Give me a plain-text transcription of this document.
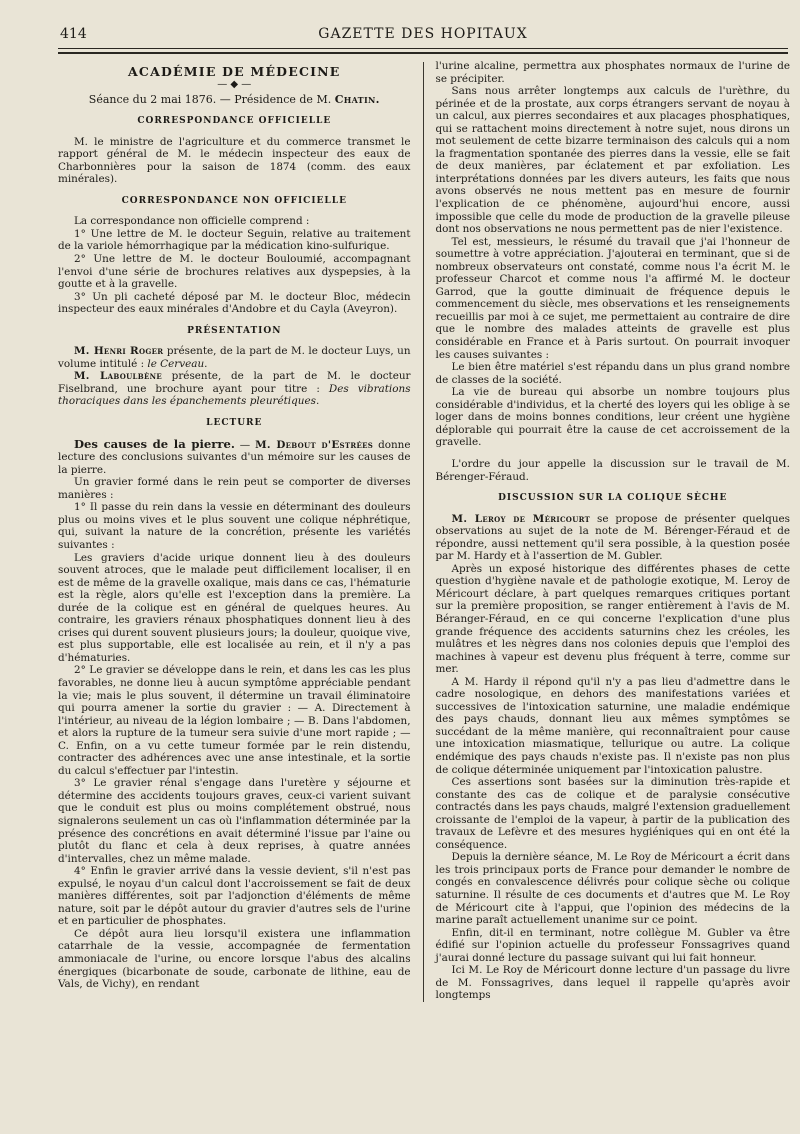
414	GAZETTE DES HOPITAUX
ACADÉMIE DE MÉDECINE
— ◆ —
Séance du 2 mai 1876. — Présidence de M. Chatin.
CORRESPONDANCE OFFICIELLE

M. le ministre de l'agriculture et du commerce transmet le rapport général de M. le médecin inspecteur des eaux de Charbonnières pour la saison de 1874 (comm. des eaux minérales).

CORRESPONDANCE NON OFFICIELLE

La correspondance non officielle comprend :

1° Une lettre de M. le docteur Seguin, relative au traitement de la variole hémorrhagique par la médication kino-sulfurique.

2° Une lettre de M. le docteur Bouloumié, accompagnant l'envoi d'une série de brochures relatives aux dyspepsies, à la goutte et à la gravelle.

3° Un pli cacheté déposé par M. le docteur Bloc, médecin inspecteur des eaux minérales d'Andobre et du Cayla (Aveyron).

PRÉSENTATION

M. Henri Roger présente, de la part de M. le docteur Luys, un volume intitulé : le Cerveau.

M. Laboulbène présente, de la part de M. le docteur Fiselbrand, une brochure ayant pour titre : Des vibrations thoraciques dans les épanchements pleurétiques.

LECTURE

Des causes de la pierre. — M. Debout d'Estrées donne lecture des conclusions suivantes d'un mémoire sur les causes de la pierre.

Un gravier formé dans le rein peut se comporter de diverses manières :

1° Il passe du rein dans la vessie en déterminant des douleurs plus ou moins vives et le plus souvent une colique néphrétique, qui, suivant la nature de la concrétion, présente les variétés suivantes :

Les graviers d'acide urique donnent lieu à des douleurs souvent atroces, que le malade peut difficilement localiser, il en est de même de la gravelle oxalique, mais dans ce cas, l'hématurie est la règle, alors qu'elle est l'exception dans la première. La durée de la colique est en général de quelques heures. Au contraire, les graviers rénaux phosphatiques donnent lieu à des crises qui durent souvent plusieurs jours; la douleur, quoique vive, est plus supportable, elle est localisée au rein, et il n'y a pas d'hématuries.

2° Le gravier se développe dans le rein, et dans les cas les plus favorables, ne donne lieu à aucun symptôme appréciable pendant la vie; mais le plus souvent, il détermine un travail éliminatoire qui pourra amener la sortie du gravier : — A. Directement à l'intérieur, au niveau de la légion lombaire ; — B. Dans l'abdomen, et alors la rupture de la tumeur sera suivie d'une mort rapide ; — C. Enfin, on a vu cette tumeur formée par le rein distendu, contracter des adhérences avec une anse intestinale, et la sortie du calcul s'effectuer par l'intestin.

3° Le gravier rénal s'engage dans l'uretère y séjourne et détermine des accidents toujours graves, ceux-ci varient suivant que le conduit est plus ou moins complétement obstrué, nous signalerons seulement un cas où l'inflammation déterminée par la présence des concrétions en avait déterminé l'issue par l'aine ou plutôt du flanc et cela à deux reprises, à quatre années d'intervalles, chez un même malade.

4° Enfin le gravier arrivé dans la vessie devient, s'il n'est pas expulsé, le noyau d'un calcul dont l'accroissement se fait de deux manières différentes, soit par l'adjonction d'éléments de même nature, soit par le dépôt autour du gravier d'autres sels de l'urine et en particulier de phosphates.

Ce dépôt aura lieu lorsqu'il existera une inflammation catarrhale de la vessie, accompagnée de fermentation ammoniacale de l'urine, ou encore lorsque l'abus des alcalins énergiques (bicarbonate de soude, carbonate de lithine, eau de Vals, de Vichy), en rendant

l'urine alcaline, permettra aux phosphates normaux de l'urine de se précipiter.

Sans nous arrêter longtemps aux calculs de l'urèthre, du périnée et de la prostate, aux corps étrangers servant de noyau à un calcul, aux pierres secondaires et aux placages phosphatiques, qui se rattachent moins directement à notre sujet, nous dirons un mot seulement de cette bizarre terminaison des calculs qui a nom la fragmentation spontanée des pierres dans la vessie, elle se fait de deux manières, par éclatement et par exfoliation. Les interprétations données par les divers auteurs, les faits que nous avons observés ne nous mettent pas en mesure de fournir l'explication de ce phénomène, aujourd'hui encore, aussi impossible que celle du mode de production de la gravelle pileuse dont nos observations ne nous permettent pas de nier l'existence.

Tel est, messieurs, le résumé du travail que j'ai l'honneur de soumettre à votre appréciation. J'ajouterai en terminant, que si de nombreux observateurs ont constaté, comme nous l'a écrit M. le professeur Charcot et comme nous l'a affirmé M. le docteur Garrod, que la goutte diminuait de fréquence depuis le commencement du siècle, mes observations et les renseignements recueillis par moi à ce sujet, me permettaient au contraire de dire que le nombre des malades atteints de gravelle est plus considérable en France et à Paris surtout. On pourrait invoquer les causes suivantes :

Le bien être matériel s'est répandu dans un plus grand nombre de classes de la société.

La vie de bureau qui absorbe un nombre toujours plus considérable d'individus, et la cherté des loyers qui les oblige à se loger dans de moins bonnes conditions, leur créent une hygiène déplorable qui pourrait être la cause de cet accroissement de la gravelle.

L'ordre du jour appelle la discussion sur le travail de M. Bérenger-Féraud.

DISCUSSION SUR LA COLIQUE SÈCHE

M. Leroy de Méricourt se propose de présenter quelques observations au sujet de la note de M. Bérenger-Féraud et de répondre, aussi nettement qu'il sera possible, à la question posée par M. Hardy et à l'assertion de M. Gubler.

Après un exposé historique des différentes phases de cette question d'hygiène navale et de pathologie exotique, M. Leroy de Méricourt déclare, à part quelques remarques critiques portant sur la première proposition, se ranger entièrement à l'avis de M. Béranger-Féraud, en ce qui concerne l'explication d'une plus grande fréquence des accidents saturnins chez les créoles, les mulâtres et les nègres dans nos colonies depuis que l'emploi des machines à vapeur est devenu plus fréquent à terre, comme sur mer.

A M. Hardy il répond qu'il n'y a pas lieu d'admettre dans le cadre nosologique, en dehors des manifestations variées et successives de l'intoxication saturnine, une maladie endémique des pays chauds, donnant lieu aux mêmes symptômes se succédant de la même manière, qui reconnaîtraient pour cause une intoxication miasmatique, tellurique ou autre. La colique endémique des pays chauds n'existe pas. Il n'existe pas non plus de colique déterminée uniquement par l'intoxication palustre.

Ces assertions sont basées sur la diminution très-rapide et constante des cas de colique et de paralysie consécutive contractés dans les pays chauds, malgré l'extension graduellement croissante de l'emploi de la vapeur, à partir de la publication des travaux de Lefèvre et des mesures hygiéniques qui en ont été la conséquence.

Depuis la dernière séance, M. Le Roy de Méricourt a écrit dans les trois principaux ports de France pour demander le nombre de congés en convalescence délivrés pour colique sèche ou colique saturnine. Il résulte de ces documents et d'autres que M. Le Roy de Méricourt cite à l'appui, que l'opinion des médecins de la marine paraît actuellement unanime sur ce point.

Enfin, dit-il en terminant, notre collègue M. Gubler va être édifié sur l'opinion actuelle du professeur Fonssagrives quand j'aurai donné lecture du passage suivant qui lui fait honneur.

Ici M. Le Roy de Méricourt donne lecture d'un passage du livre de M. Fonssagrives, dans lequel il rappelle qu'après avoir longtemps
